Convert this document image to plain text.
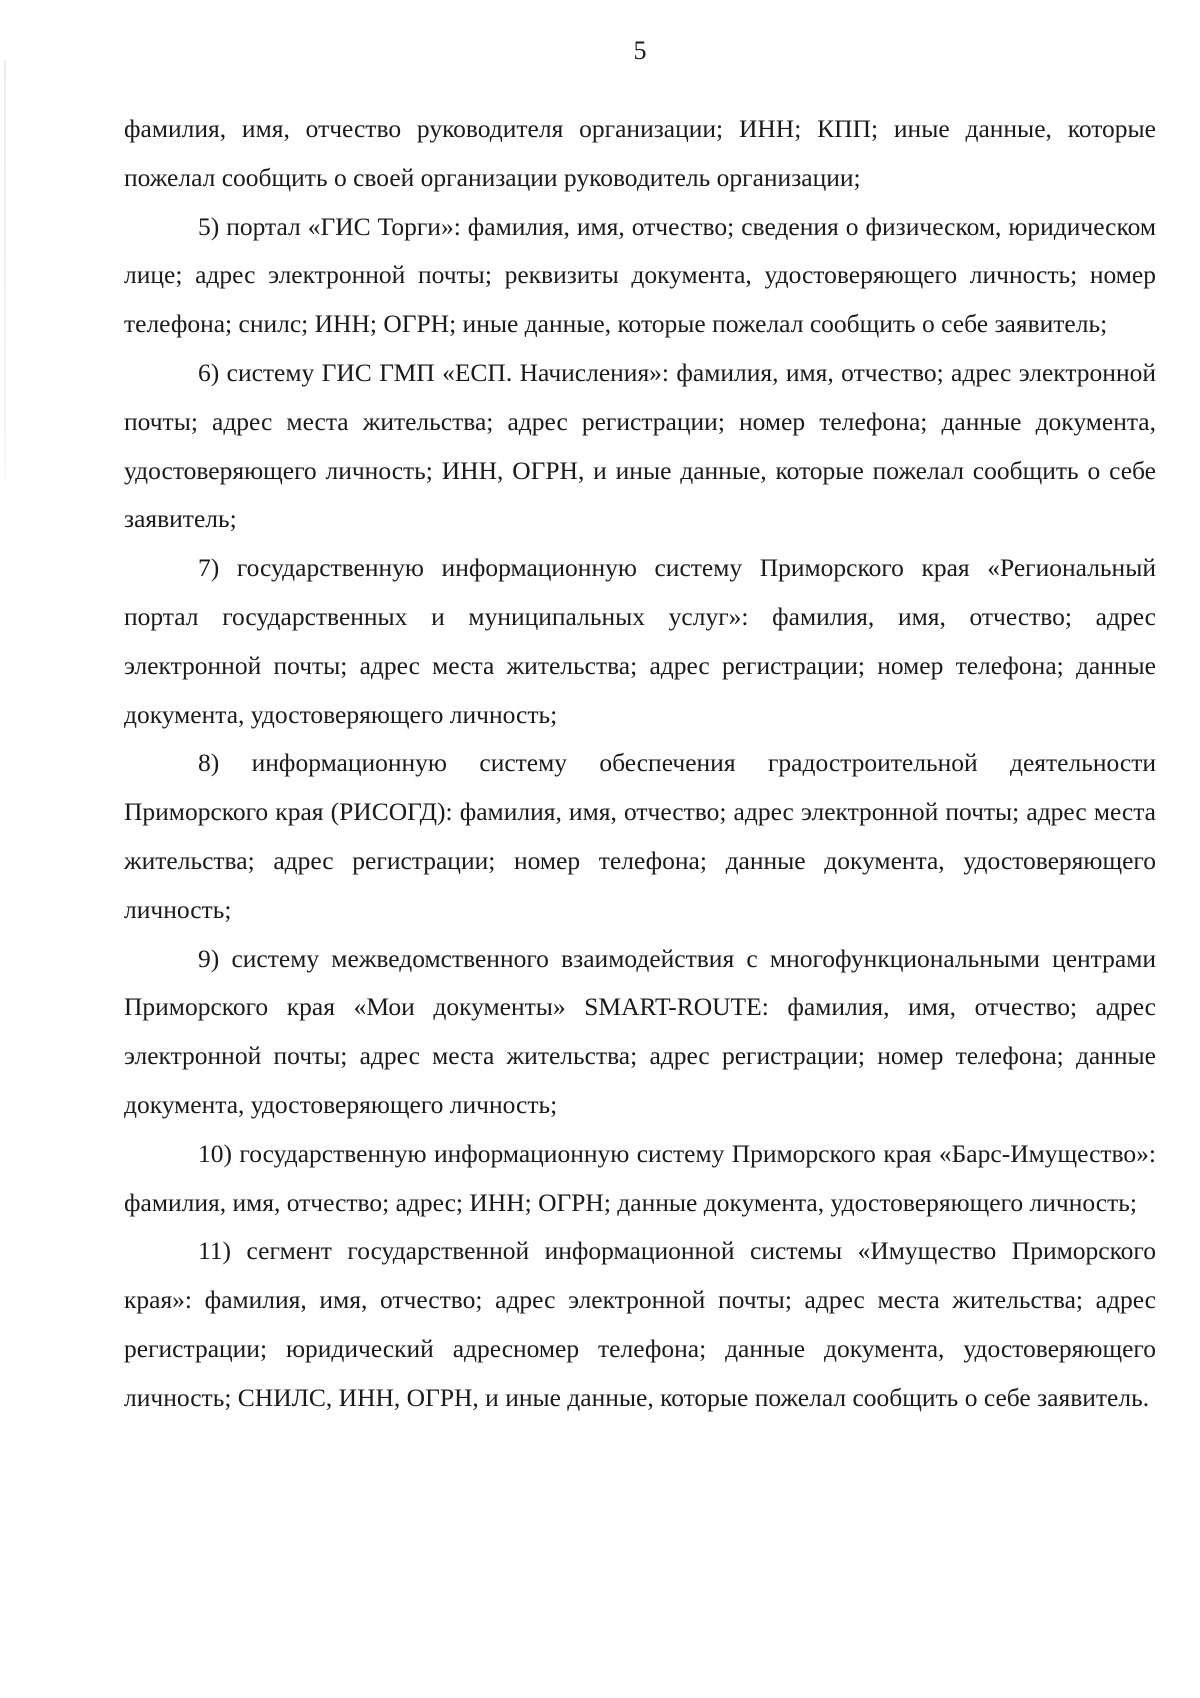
5

фамилия, имя, отчество руководителя организации; ИНН; КПП; иные данные, которые пожелал сообщить о своей организации руководитель организации;

5) портал «ГИС Торги»: фамилия, имя, отчество; сведения о физическом, юридическом лице; адрес электронной почты; реквизиты документа, удостоверяющего личность; номер телефона; снилс; ИНН; ОГРН; иные данные, которые пожелал сообщить о себе заявитель;

6) систему ГИС ГМП «ЕСП. Начисления»: фамилия, имя, отчество; адрес электронной почты; адрес места жительства; адрес регистрации; номер телефона; данные документа, удостоверяющего личность; ИНН, ОГРН, и иные данные, которые пожелал сообщить о себе заявитель;

7) государственную информационную систему Приморского края «Региональный портал государственных и муниципальных услуг»: фамилия, имя, отчество; адрес электронной почты; адрес места жительства; адрес регистрации; номер телефона; данные документа, удостоверяющего личность;

8) информационную систему обеспечения градостроительной деятельности Приморского края (РИСОГД): фамилия, имя, отчество; адрес электронной почты; адрес места жительства; адрес регистрации; номер телефона; данные документа, удостоверяющего личность;

9) систему межведомственного взаимодействия с многофункциональными центрами Приморского края «Мои документы» SMART-ROUTE: фамилия, имя, отчество; адрес электронной почты; адрес места жительства; адрес регистрации; номер телефона; данные документа, удостоверяющего личность;

10) государственную информационную систему Приморского края «Барс-Имущество»: фамилия, имя, отчество; адрес; ИНН; ОГРН; данные документа, удостоверяющего личность;

11) сегмент государственной информационной системы «Имущество Приморского края»: фамилия, имя, отчество; адрес электронной почты; адрес места жительства; адрес регистрации; юридический адресномер телефона; данные документа, удостоверяющего личность; СНИЛС, ИНН, ОГРН, и иные данные, которые пожелал сообщить о себе заявитель.
